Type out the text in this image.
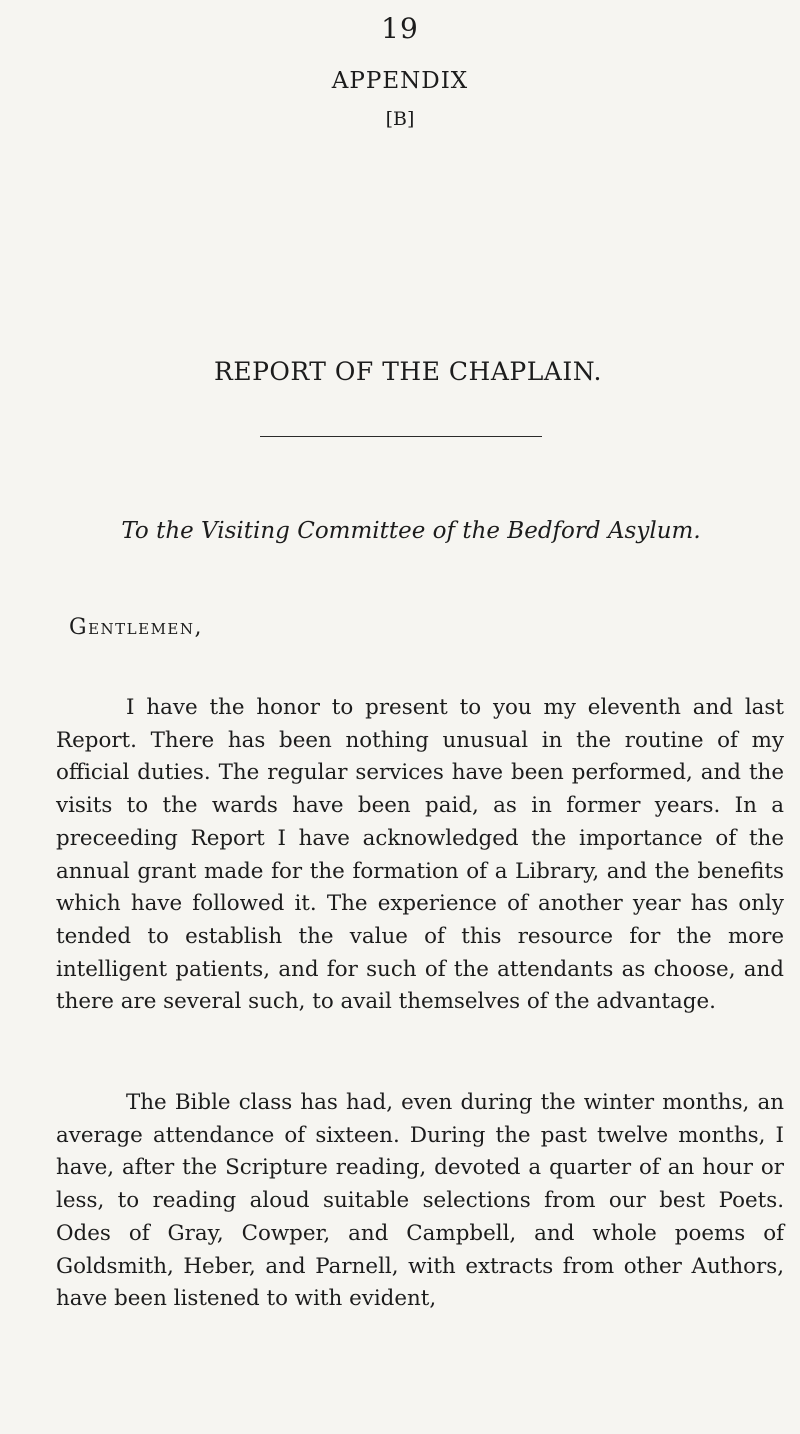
19
APPENDIX
[B]
REPORT OF THE CHAPLAIN.
To the Visiting Committee of the Bedford Asylum.
Gentlemen,

I have the honor to present to you my eleventh and last Report. There has been nothing unusual in the routine of my official duties. The regular services have been performed, and the visits to the wards have been paid, as in former years. In a preceeding Report I have acknowledged the importance of the annual grant made for the formation of a Library, and the benefits which have followed it. The experience of another year has only tended to establish the value of this resource for the more intelligent patients, and for such of the attendants as choose, and there are several such, to avail themselves of the advantage.

The Bible class has had, even during the winter months, an average attendance of sixteen. During the past twelve months, I have, after the Scripture reading, devoted a quarter of an hour or less, to reading aloud suitable selections from our best Poets. Odes of Gray, Cowper, and Campbell, and whole poems of Goldsmith, Heber, and Parnell, with extracts from other Authors, have been listened to with evident,
